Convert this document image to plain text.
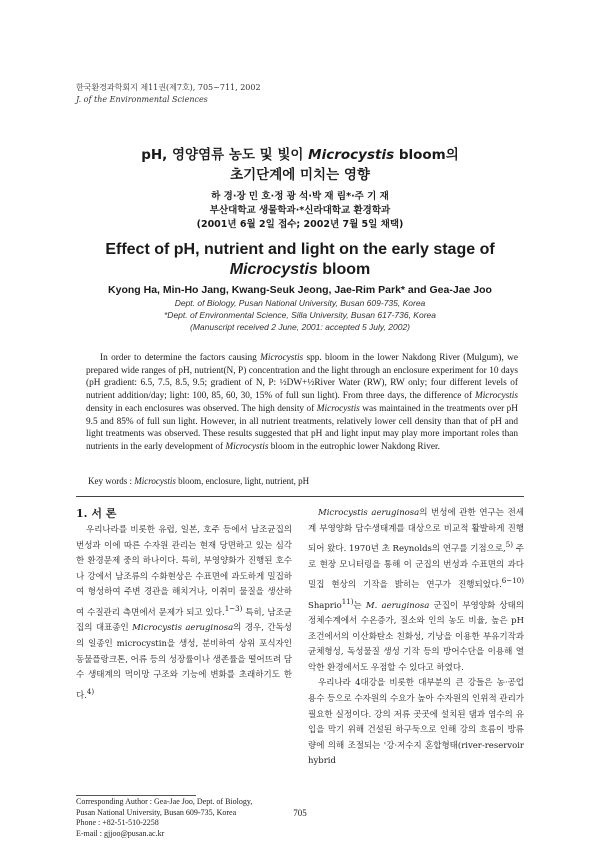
한국환경과학회지 제11권(제7호), 705~711, 2002
J. of the Environmental Sciences
pH, 영양염류 농도 및 빛이 Microcystis bloom의
초기단계에 미치는 영향
하 경·장 민 호·정 광 석·박 재 림*·주 기 재
부산대학교 생물학과·*신라대학교 환경학과
(2001년 6월 2일 접수; 2002년 7월 5일 채택)
Effect of pH, nutrient and light on the early stage of
Microcystis bloom
Kyong Ha, Min-Ho Jang, Kwang-Seuk Jeong, Jae-Rim Park* and Gea-Jae Joo
Dept. of Biology, Pusan National University, Busan 609-735, Korea
*Dept. of Environmental Science, Silla University, Busan 617-736, Korea
(Manuscript received 2 June, 2001: accepted 5 July, 2002)
In order to determine the factors causing Microcystis spp. bloom in the lower Nakdong River (Mulgum), we prepared wide ranges of pH, nutrient(N, P) concentration and the light through an enclosure experiment for 10 days (pH gradient: 6.5, 7.5, 8.5, 9.5; gradient of N, P: ½DW+½River Water (RW), RW only; four different levels of nutrient addition/day; light: 100, 85, 60, 30, 15% of full sun light). From three days, the difference of Microcystis density in each enclosures was observed. The high density of Microcystis was maintained in the treatments over pH 9.5 and 85% of full sun light. However, in all nutrient treatments, relatively lower cell density than that of pH and light treatments was observed. These results suggested that pH and light input may play more important roles than nutrients in the early development of Microcystis bloom in the eutrophic lower Nakdong River.
Key words : Microcystis bloom, enclosure, light, nutrient, pH
1. 서 론

우리나라를 비롯한 유럽, 일본, 호주 등에서 남조균집의 번성과 이에 따른 수자원 관리는 현재 당면하고 있는 심각한 환경문제 중의 하나이다. 특히, 부영양화가 진행된 호수나 강에서 남조류의 수화현상은 수표면에 과도하게 밀집하여 형성하여 주변 경관을 해치거나, 이취미 물질을 생산하여 수질관리 측면에서 문제가 되고 있다.$^{1\sim 3)}$ 특히, 남조균집의 대표종인 Microcystis aeruginosa의 경우, 간독성의 일종인 microcystin을 생성, 분비하여 상위 포식자인 동물플랑크톤, 어류 등의 성장률이나 생존률을 떨어뜨려 담수 생태계의 먹이망 구조와 기능에 변화를 초래하기도 한다.$^{4)}$

Microcystis aeruginosa의 번성에 관한 연구는 전세계 부영양화 담수생태계를 대상으로 비교적 활발하게 진행되어 왔다. 1970년 초 Reynolds의 연구를 기점으로,$^{5)}$ 주로 현장 모니터링을 통해 이 군집의 번성과 수표면의 과다 밀집 현상의 기작을 밝히는 연구가 진행되었다.$^{6\sim 10)}$ Shaprio$^{11)}$는 M. aeruginosa 군집이 부영양화 상태의 정체수계에서 수온증가, 질소와 인의 농도 비율, 높은 pH 조건에서의 이산화탄소 친화성, 기낭을 이용한 부유기작과 균체형성, 독성물질 생성 기작 등의 방어수단을 이용해 열악한 환경에서도 우점할 수 있다고 하였다.

우리나라 4대강을 비롯한 대부분의 큰 강들은 농·공업 용수 등으로 수자원의 수요가 높아 수자원의 인위적 관리가 필요한 실정이다. 강의 저류 곳곳에 설치된 댐과 염수의 유입을 막기 위해 건설된 하구둑으로 인해 강의 흐름이 방류량에 의해 조절되는 '강·저수지 혼합형태(river-reservoir hybrid

Corresponding Author : Gea-Jae Joo, Dept. of Biology,
Pusan National University, Busan 609-735, Korea
Phone : +82-51-510-2258
E-mail : gjjoo@pusan.ac.kr
705
